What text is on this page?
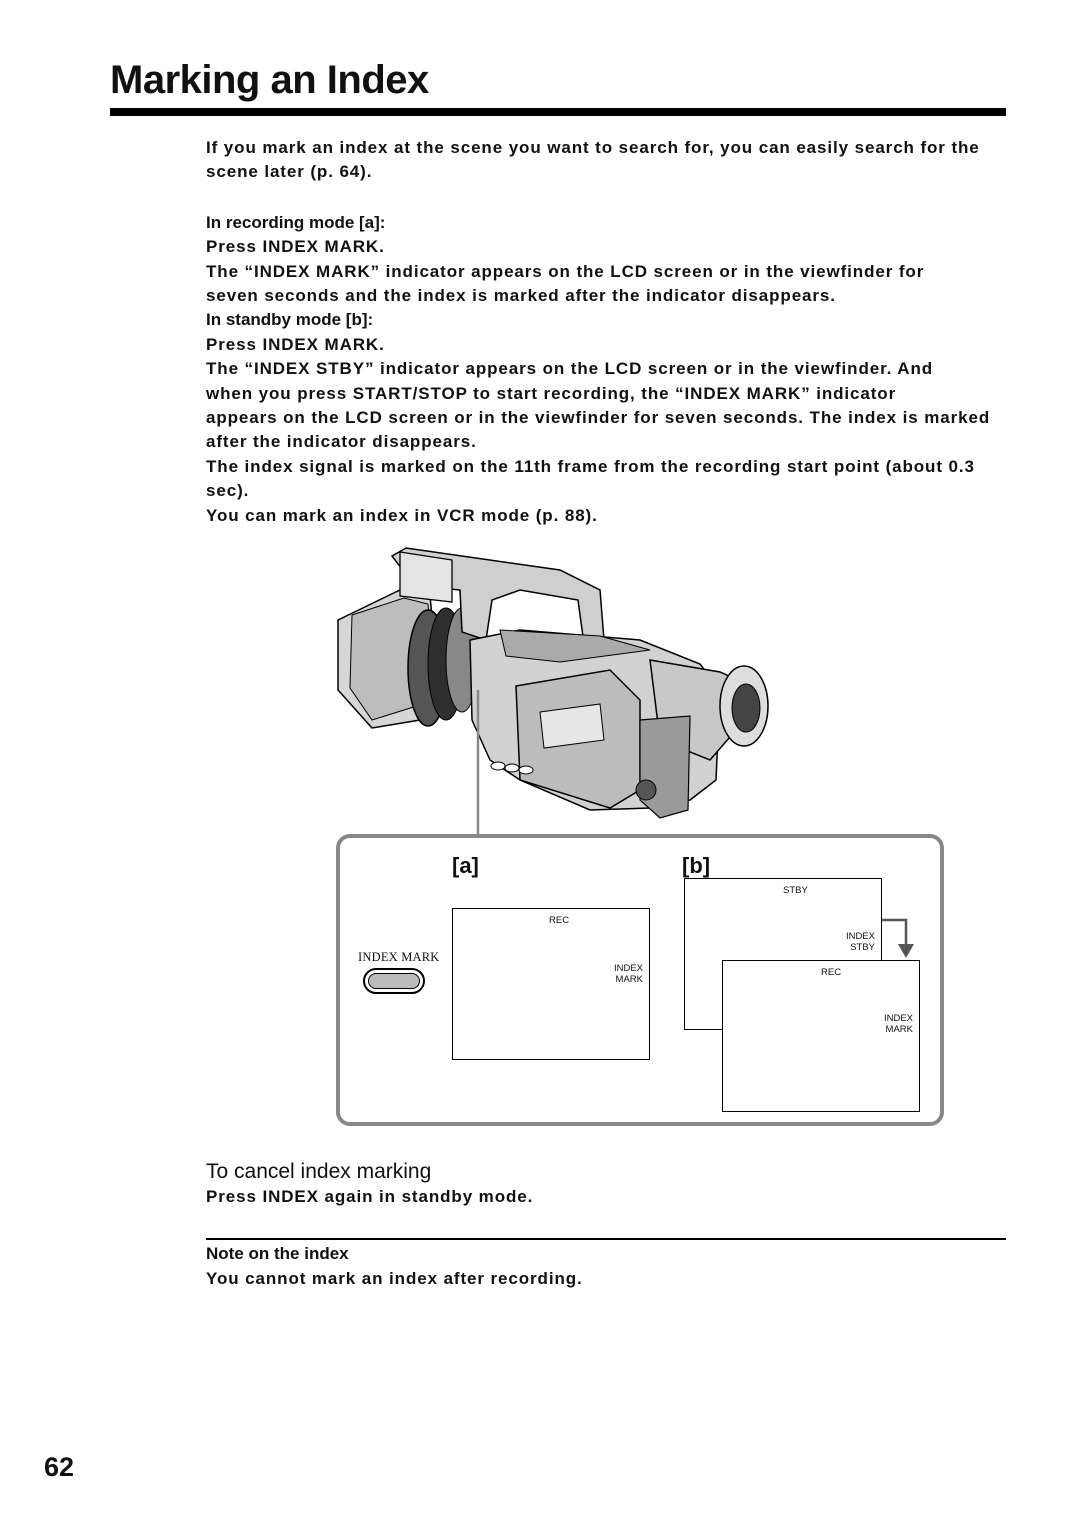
Marking an Index

If you mark an index at the scene you want to search for, you can easily search for the

scene later (p. 64).

In recording mode [a]:

Press INDEX MARK.

The “INDEX MARK” indicator appears on the LCD screen or in the viewfinder for

seven seconds and the index is marked after the indicator disappears.

In standby mode [b]:

Press INDEX MARK.

The “INDEX STBY” indicator appears on the LCD screen or in the viewfinder. And

when you press START/STOP to start recording, the “INDEX MARK” indicator

appears on the LCD screen or in the viewfinder for seven seconds. The index is marked

after the indicator disappears.

The index signal is marked on the 11th frame from the recording start point (about 0.3

sec).

You can mark an index in VCR mode (p. 88).

[a]	[b]
INDEX MARK
REC
INDEX
MARK
STBY
INDEX
STBY
REC
INDEX
MARK
To cancel index marking

Press INDEX again in standby mode.

Note on the index

You cannot mark an index after recording.

62
